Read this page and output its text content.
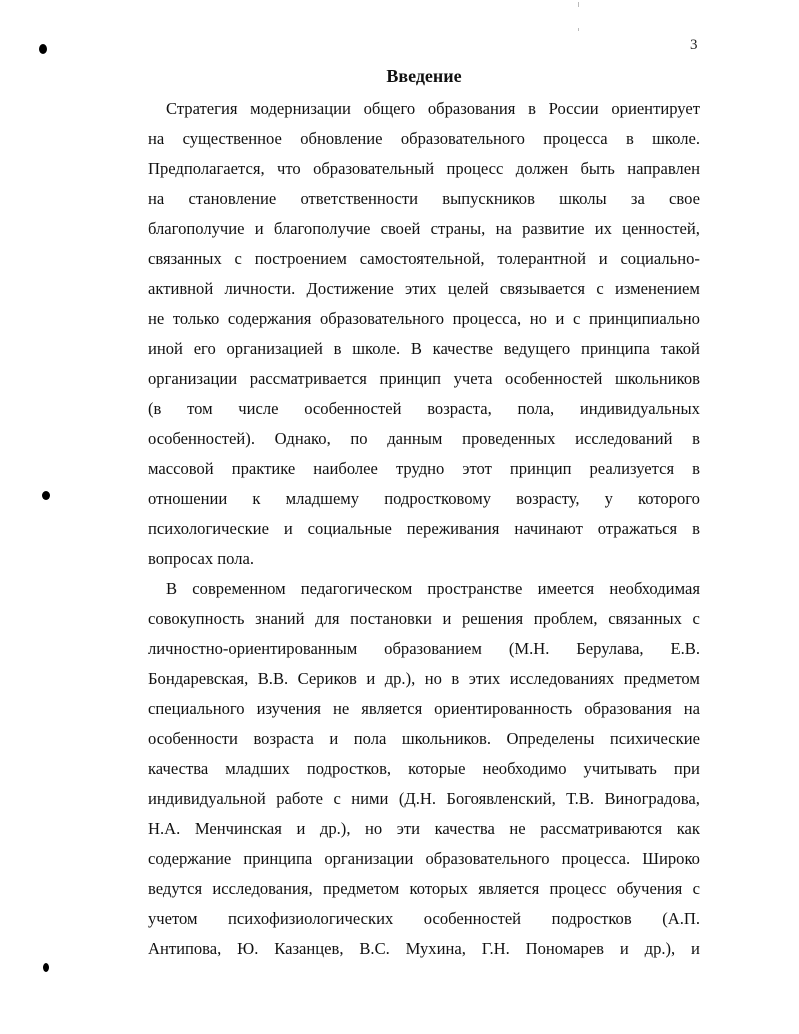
3
Введение
Стратегия модернизации общего образования в России ориентирует
на существенное обновление образовательного процесса в школе.
Предполагается, что образовательный процесс должен быть направлен
на становление ответственности выпускников школы за свое
благополучие и благополучие своей страны, на развитие их ценностей,
связанных с построением самостоятельной, толерантной и социально-
активной личности. Достижение этих целей связывается с изменением
не только содержания образовательного процесса, но и с принципиально
иной его организацией в школе. В качестве ведущего принципа такой
организации рассматривается принцип учета особенностей школьников
(в том числе особенностей возраста, пола, индивидуальных
особенностей). Однако, по данным проведенных исследований в
массовой практике наиболее трудно этот принцип реализуется в
отношении к младшему подростковому возрасту, у которого
психологические и социальные переживания начинают отражаться в
вопросах пола.
В современном педагогическом пространстве имеется необходимая
совокупность знаний для постановки и решения проблем, связанных с
личностно-ориентированным образованием (М.Н. Берулава, Е.В.
Бондаревская, В.В. Сериков и др.), но в этих исследованиях предметом
специального изучения не является ориентированность образования на
особенности возраста и пола школьников. Определены психические
качества младших подростков, которые необходимо учитывать при
индивидуальной работе с ними (Д.Н. Богоявленский, Т.В. Виноградова,
Н.А. Менчинская и др.), но эти качества не рассматриваются как
содержание принципа организации образовательного процесса. Широко
ведутся исследования, предметом которых является процесс обучения с
учетом психофизиологических особенностей подростков (А.П.
Антипова, Ю. Казанцев, В.С. Мухина, Г.Н. Пономарев и др.), и
